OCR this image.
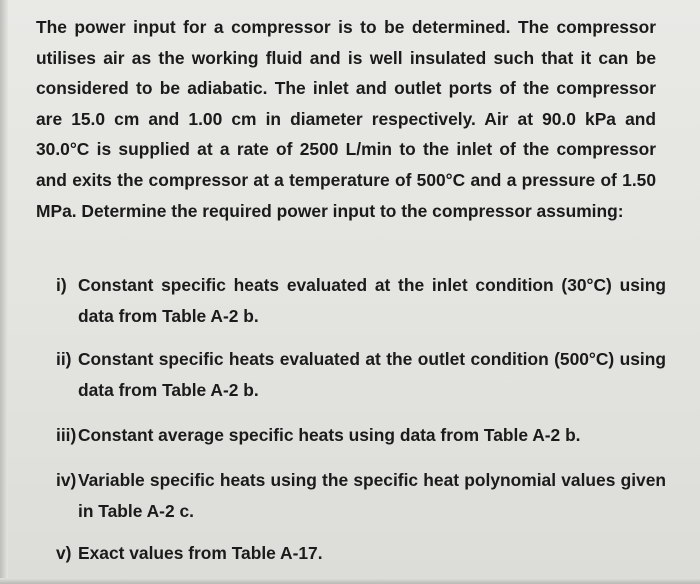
The power input for a compressor is to be determined. The compressor utilises air as the working fluid and is well insulated such that it can be considered to be adiabatic. The inlet and outlet ports of the compressor are 15.0 cm and 1.00 cm in diameter respectively. Air at 90.0 kPa and 30.0°C is supplied at a rate of 2500 L/min to the inlet of the compressor and exits the compressor at a temperature of 500°C and a pressure of 1.50 MPa. Determine the required power input to the compressor assuming:

i) Constant specific heats evaluated at the inlet condition (30°C) using data from Table A-2 b.
ii) Constant specific heats evaluated at the outlet condition (500°C) using data from Table A-2 b.
iii) Constant average specific heats using data from Table A-2 b.
iv) Variable specific heats using the specific heat polynomial values given in Table A-2 c.
v) Exact values from Table A-17.
